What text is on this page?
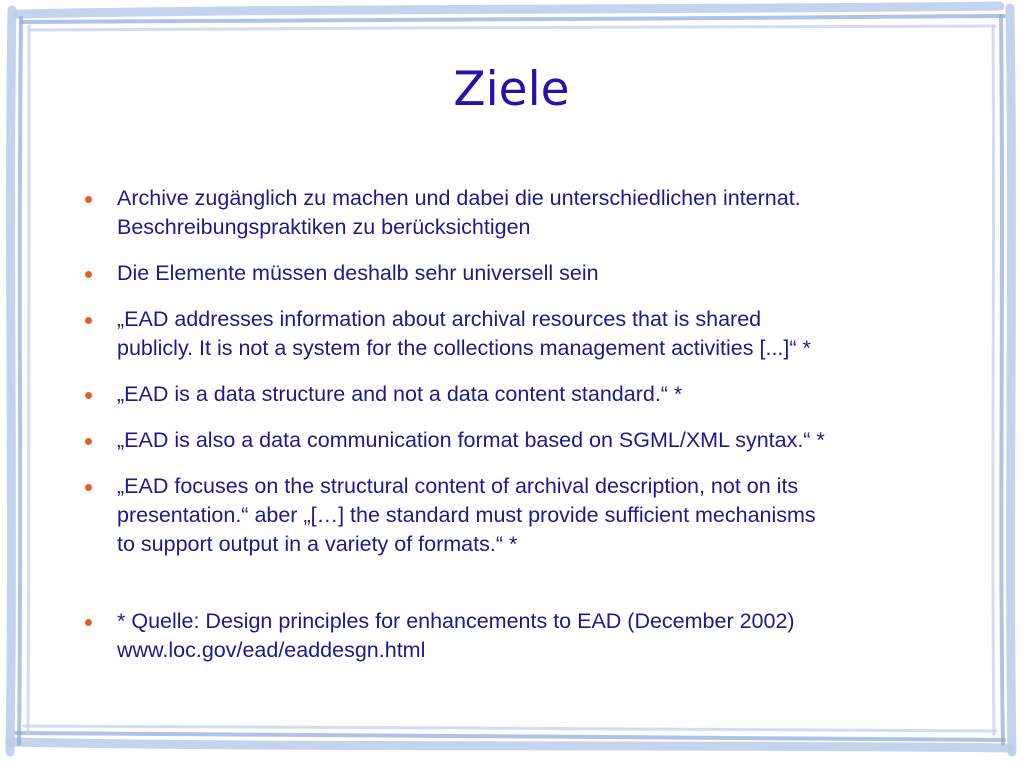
Ziele
Archive zugänglich zu machen und dabei die unterschiedlichen internat.
Beschreibungspraktiken zu berücksichtigen
Die Elemente müssen deshalb sehr universell sein
„EAD addresses information about archival resources that is shared
publicly. It is not a system for the collections management activities [...]“ *
„EAD is a data structure and not a data content standard.“ *
„EAD is also a data communication format based on SGML/XML syntax.“ *
„EAD focuses on the structural content of archival description, not on its
presentation.“ aber „[…] the standard must provide sufficient mechanisms
to support output in a variety of formats.“ *
* Quelle: Design principles for enhancements to EAD (December 2002)
www.loc.gov/ead/eaddesgn.html
